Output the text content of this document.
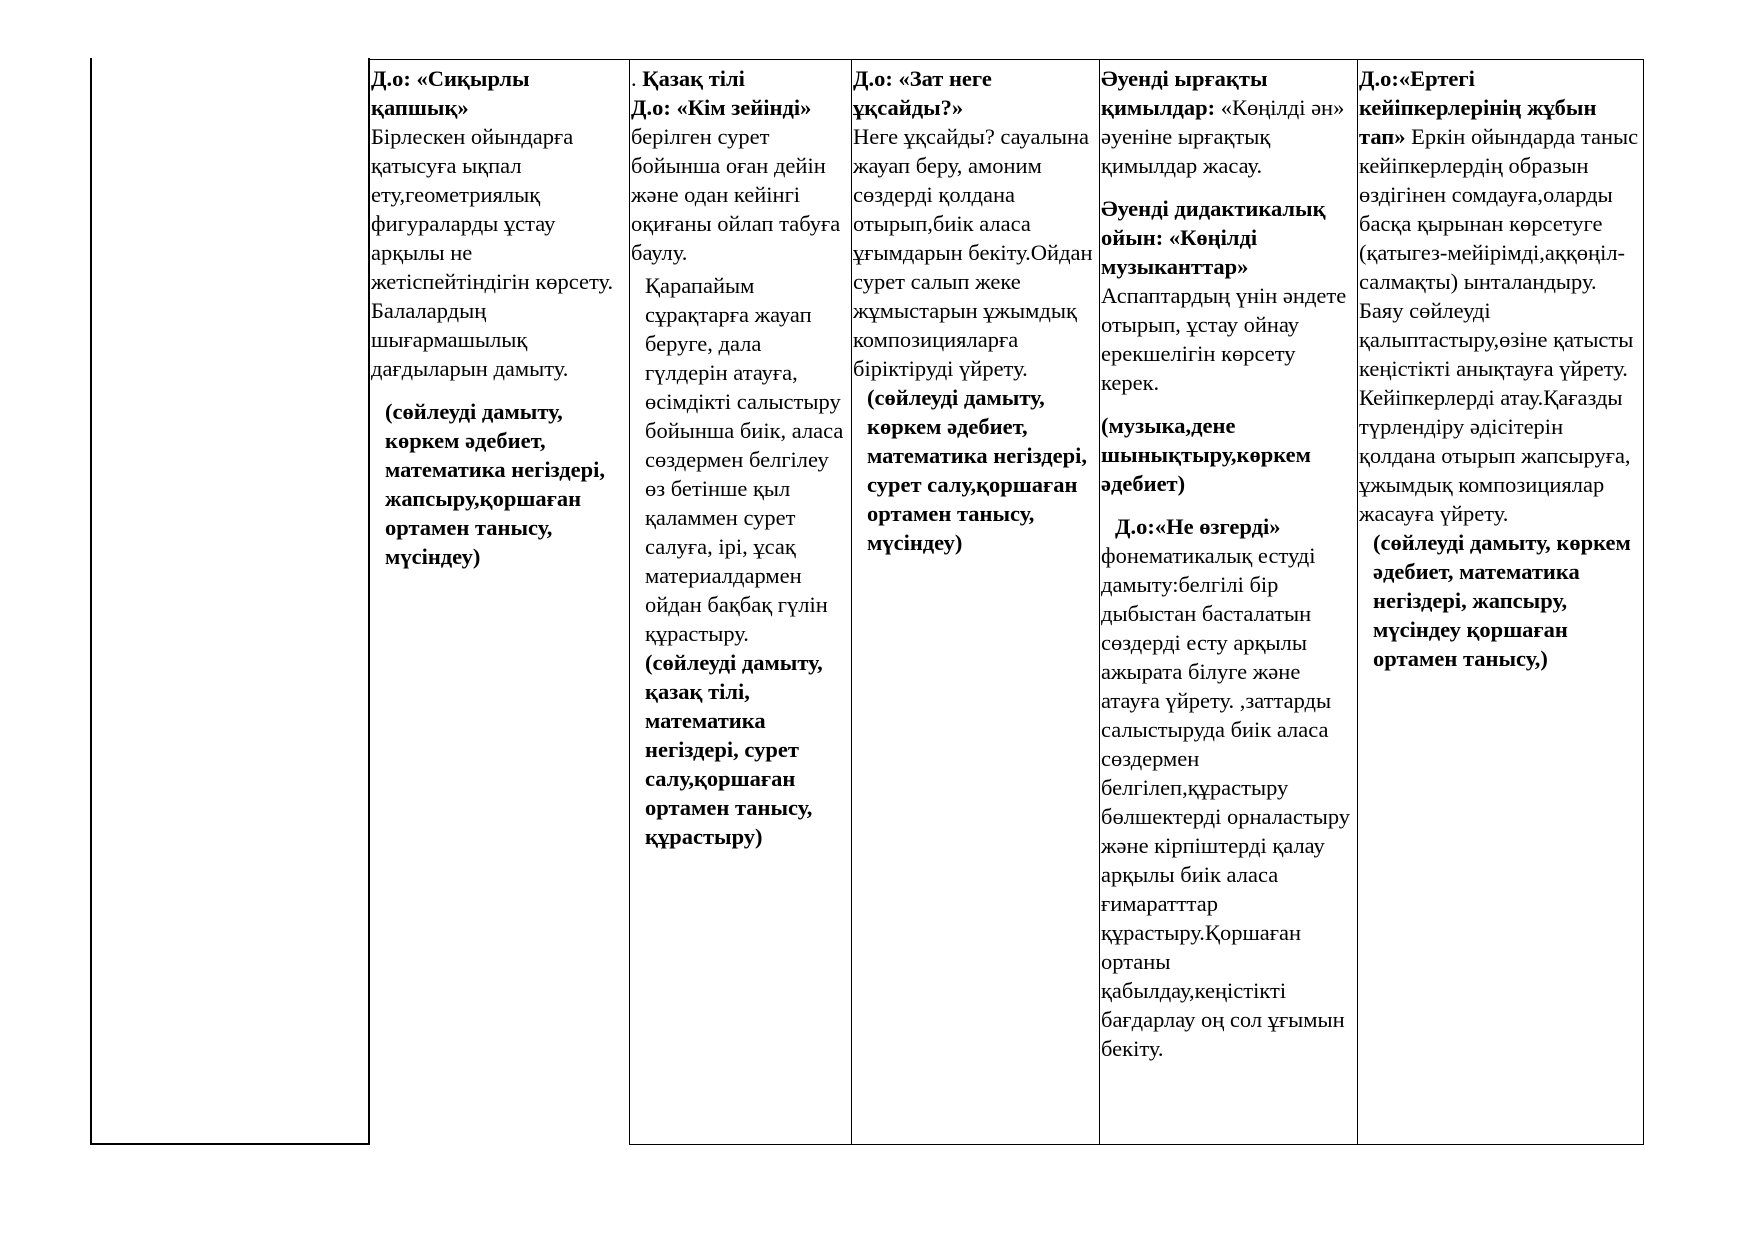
Д.о: «Сиқырлы қапшық»

Бірлескен ойындарға қатысуға ықпал ету,геометриялық фигураларды ұстау арқылы не жетіспейтіндігін көрсету. Балалардың шығармашылық дағдыларын дамыту.

(сөйлеуді дамыту, көркем әдебиет, математика негіздері, жапсыру,қоршаған ортамен танысу, мүсіндеу)

. Қазақ тілі

Д.о: «Кім зейінді»

берілген сурет бойынша оған дейін және одан кейінгі оқиғаны ойлап табуға баулу.

Қарапайым сұрақтарға жауап беруге, дала гүлдерін атауға, өсімдікті салыстыру бойынша биік, аласа сөздермен белгілеу өз бетінше қыл қаламмен сурет салуға, ірі, ұсақ материалдармен ойдан бақбақ гүлін құрастыру.

(сөйлеуді дамыту, қазақ тілі, математика негіздері, сурет салу,қоршаған ортамен танысу, құрастыру)

Д.о: «Зат неге ұқсайды?»

Неге ұқсайды? сауалына жауап беру, амоним сөздерді қолдана отырып,биік аласа ұғымдарын бекіту.Ойдан сурет салып жеке жұмыстарын ұжымдық композицияларға біріктіруді үйрету.

(сөйлеуді дамыту, көркем әдебиет, математика негіздері, сурет салу,қоршаған ортамен танысу, мүсіндеу)

Әуенді ырғақты қимылдар: «Көңілді ән» әуеніне ырғақтық қимылдар жасау.

Әуенді дидактикалық ойын: «Көңілді музыканттар»

Аспаптардың үнін әндете отырып, ұстау ойнау ерекшелігін көрсету керек.

(музыка,дене шынықтыру,көркем әдебиет)

Д.о:«Не өзгерді»

фонематикалық естуді дамыту:белгілі бір дыбыстан басталатын сөздерді есту арқылы ажырата білуге және атауға үйрету. ,заттарды салыстыруда биік аласа сөздермен белгілеп,құрастыру бөлшектерді орналастыру және кірпіштерді қалау арқылы биік аласа ғимаратттар құрастыру.Қоршаған ортаны қабылдау,кеңістікті бағдарлау оң сол ұғымын бекіту.

Д.о:«Ертегі кейіпкерлерінің жұбын тап» Еркін ойындарда таныс кейіпкерлердің образын өздігінен сомдауға,оларды басқа қырынан көрсетуге (қатыгез-мейірімді,аққөңіл-салмақты) ынталандыру. Баяу сөйлеуді қалыптастыру,өзіне қатысты кеңістікті анықтауға үйрету. Кейіпкерлерді атау.Қағазды түрлендіру әдісітерін қолдана отырып жапсыруға, ұжымдық композициялар жасауға үйрету.

(сөйлеуді дамыту, көркем әдебиет, математика негіздері, жапсыру, мүсіндеу қоршаған ортамен танысу,)
